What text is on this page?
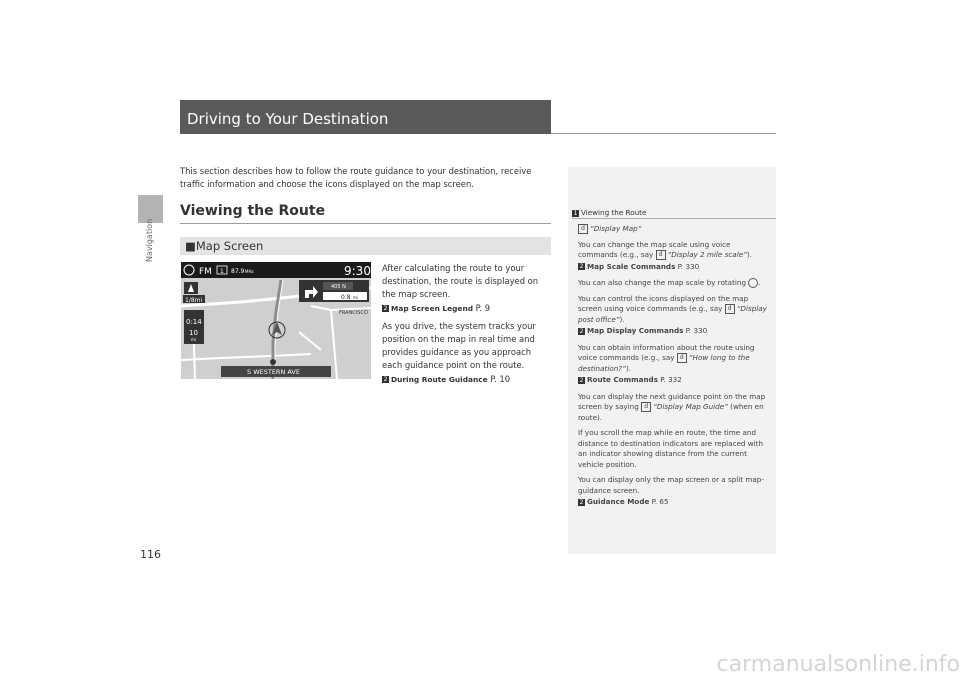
Navigation
116
Driving to Your Destination
This section describes how to follow the route guidance to your destination, receive traffic information and choose the icons displayed on the map screen.
Viewing the Route
■Map Screen
FM 1 87.9 MHz	9:30
1/8mi
0:14
10
mi
405 N
0.8 mi
FRANCISCO
S WESTERN AVE

After calculating the route to your destination, the route is displayed on the map screen.

2 Map Screen Legend P. 9

As you drive, the system tracks your position on the map in real time and provides guidance as you approach each guidance point on the route.

2 During Route Guidance P. 10

1 Viewing the Route

d “Display Map”

You can change the map scale using voice commands (e.g., say d “Display 2 mile scale”).

2 Map Scale Commands P. 330

You can also change the map scale by rotating .

You can control the icons displayed on the map screen using voice commands (e.g., say d “Display post office”).

2 Map Display Commands P. 330

You can obtain information about the route using voice commands (e.g., say d “How long to the destination?”).

2 Route Commands P. 332

You can display the next guidance point on the map screen by saying d “Display Map Guide” (when en route).

If you scroll the map while en route, the time and distance to destination indicators are replaced with an indicator showing distance from the current vehicle position.

You can display only the map screen or a split map-guidance screen.

2 Guidance Mode P. 65

carmanualsonline.info
